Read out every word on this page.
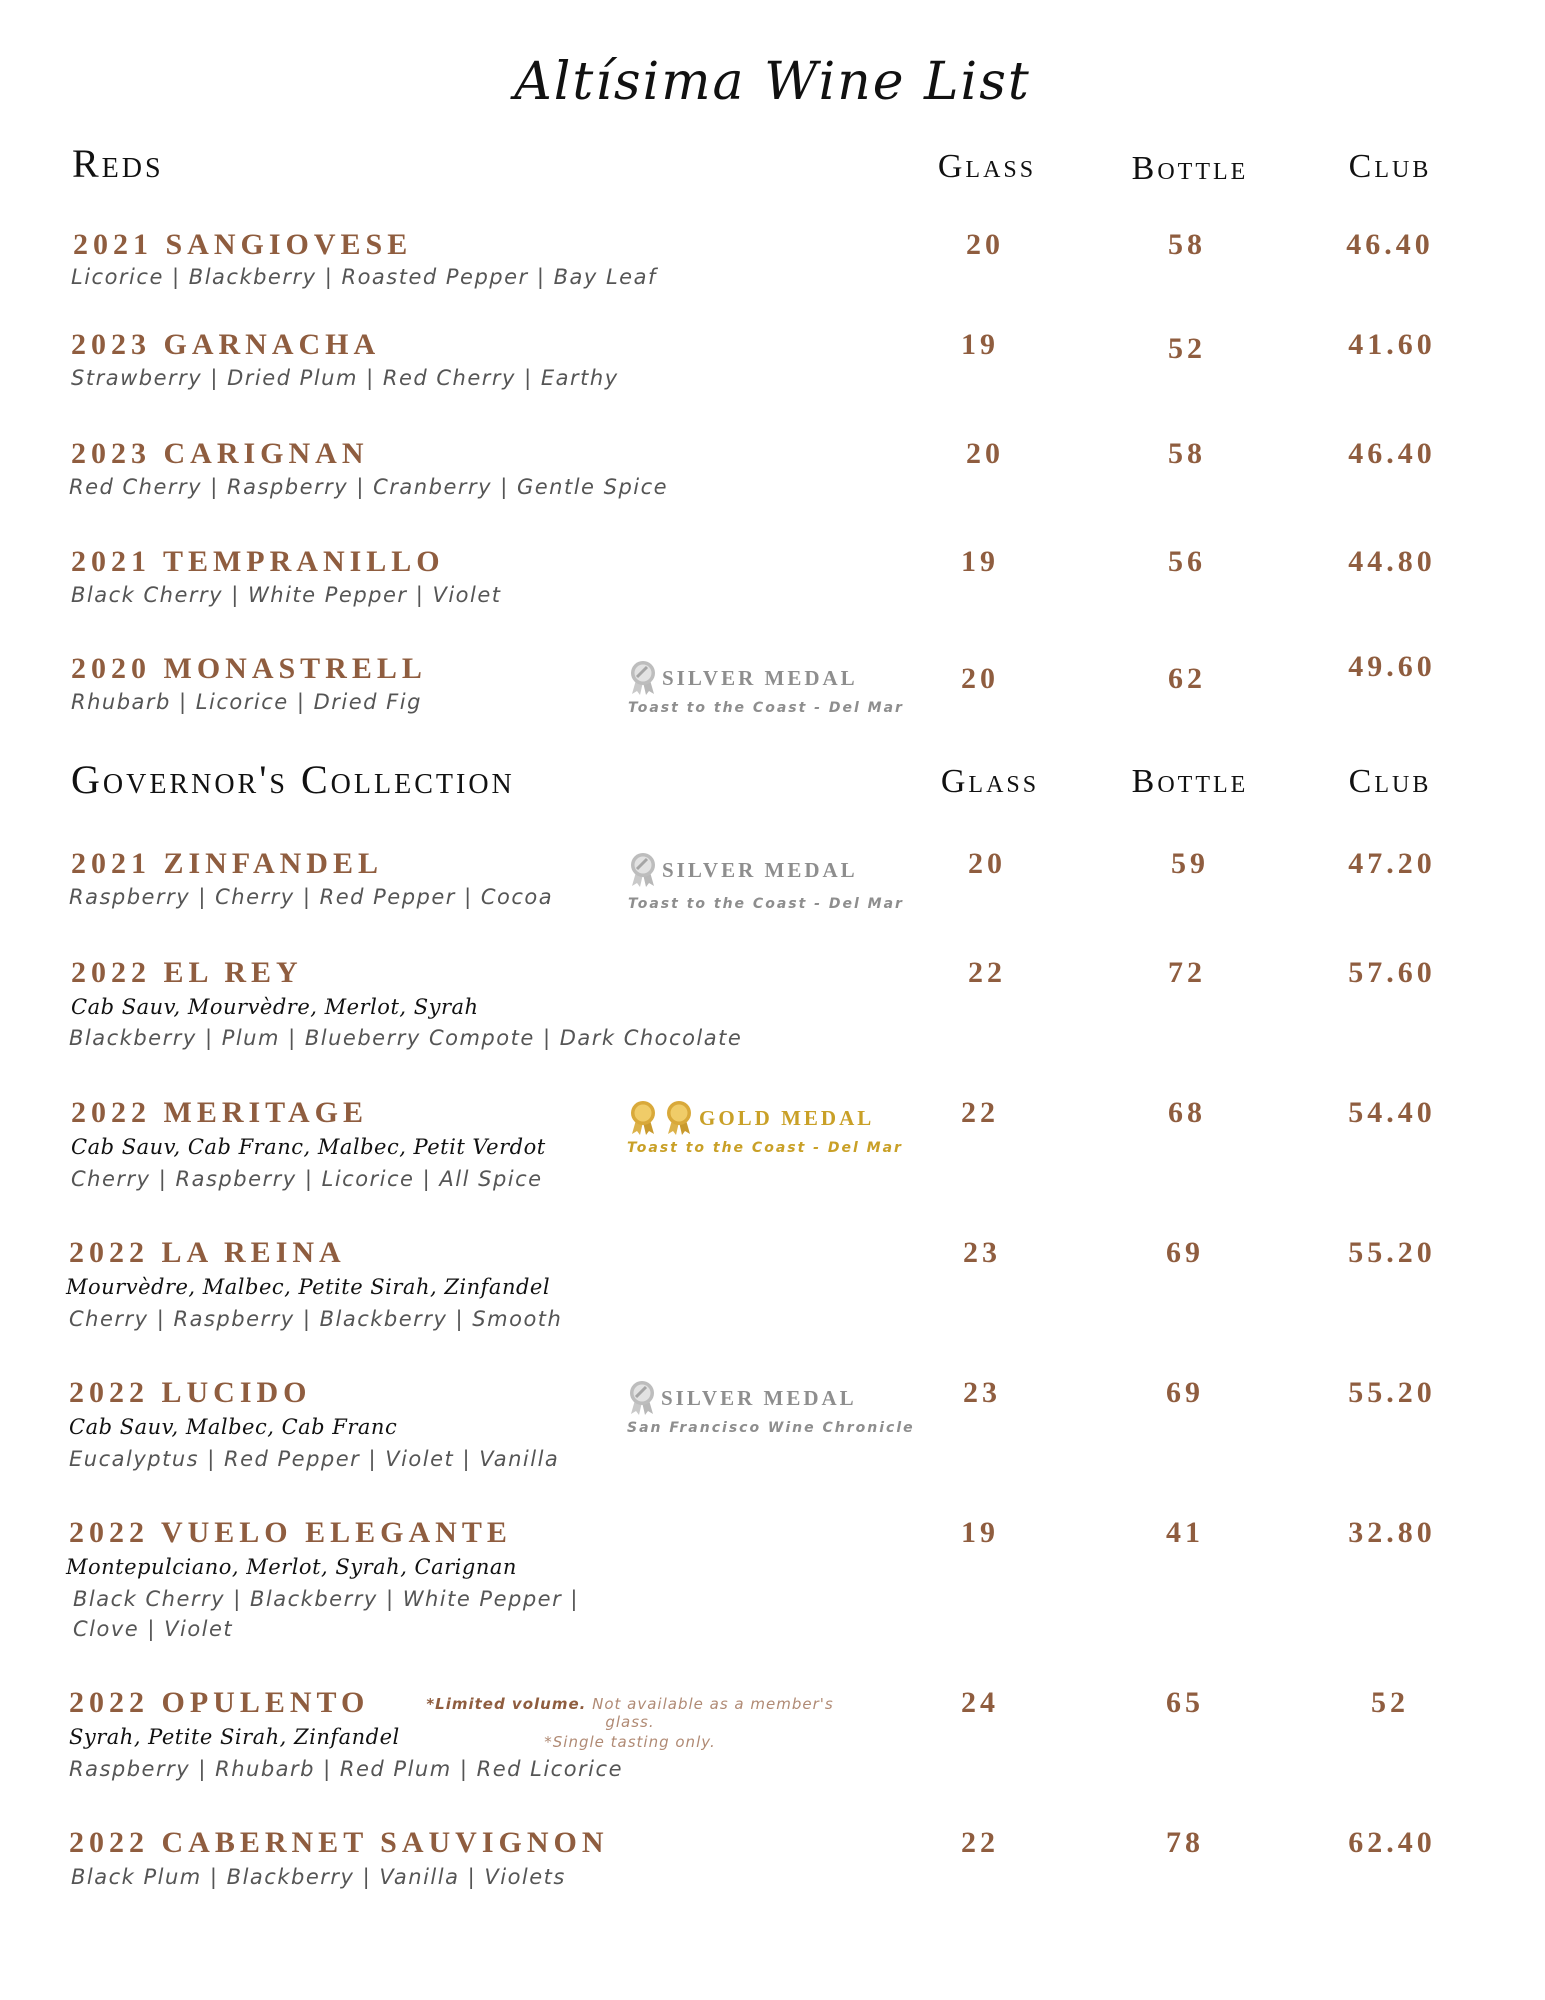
Altísima Wine List
Reds	Glass	Bottle	Club
2021 SANGIOVESE
Licorice | Blackberry | Roasted Pepper | Bay Leaf
20	58	46.40
2023 GARNACHA
Strawberry | Dried Plum | Red Cherry | Earthy
19	52	41.60
2023 CARIGNAN
Red Cherry | Raspberry | Cranberry | Gentle Spice
20	58	46.40
2021 TEMPRANILLO
Black Cherry | White Pepper | Violet
19	56	44.80
2020 MONASTRELL
Rhubarb | Licorice | Dried Fig
SILVER MEDAL
Toast to the Coast - Del Mar
20	62	49.60
Governor's Collection	Glass	Bottle	Club
2021 ZINFANDEL
Raspberry | Cherry | Red Pepper | Cocoa
SILVER MEDAL
Toast to the Coast - Del Mar
20	59	47.20
2022 EL REY
Cab Sauv, Mourvèdre, Merlot, Syrah
Blackberry | Plum | Blueberry Compote | Dark Chocolate
22	72	57.60
2022 MERITAGE
Cab Sauv, Cab Franc, Malbec, Petit Verdot
Cherry | Raspberry | Licorice | All Spice
GOLD MEDAL
Toast to the Coast - Del Mar
22	68	54.40
2022 LA REINA
Mourvèdre, Malbec, Petite Sirah, Zinfandel
Cherry | Raspberry | Blackberry | Smooth
23	69	55.20
2022 LUCIDO
Cab Sauv, Malbec, Cab Franc
Eucalyptus | Red Pepper | Violet | Vanilla
SILVER MEDAL
San Francisco Wine Chronicle
23	69	55.20
2022 VUELO ELEGANTE
Montepulciano, Merlot, Syrah, Carignan
Black Cherry | Blackberry | White Pepper |
Clove | Violet
19	41	32.80
2022 OPULENTO	*Limited volume. Not available as a member's glass.
*Single tasting only.
Syrah, Petite Sirah, Zinfandel
Raspberry | Rhubarb | Red Plum | Red Licorice
24	65	52
2022 CABERNET SAUVIGNON
Black Plum | Blackberry | Vanilla | Violets
22	78	62.40
